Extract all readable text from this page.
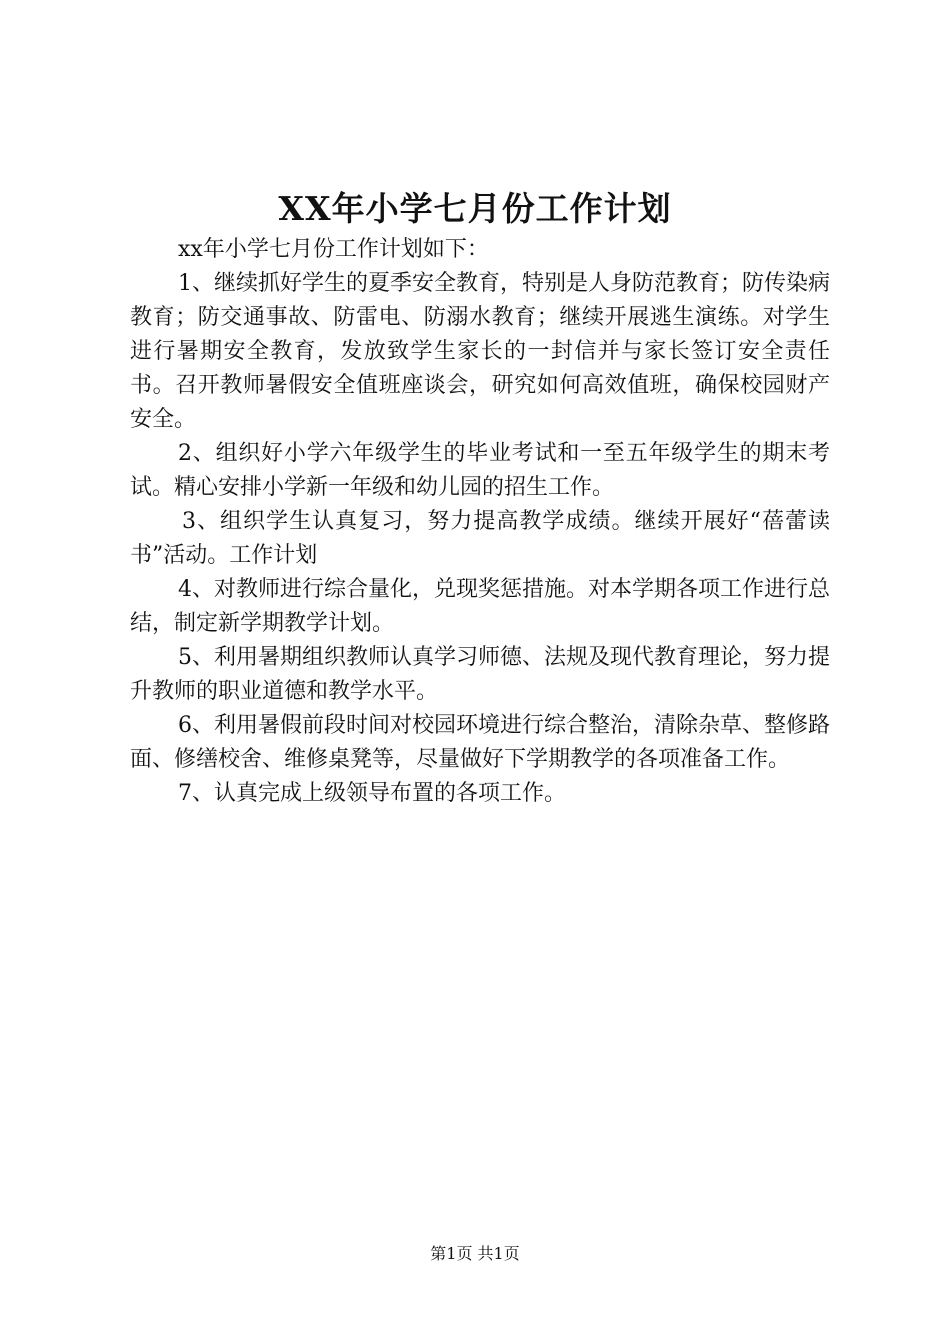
XX年小学七月份工作计划

xx年小学七月份工作计划如下：

1、继续抓好学生的夏季安全教育，特别是人身防范教育；防传染病教育；防交通事故、防雷电、防溺水教育；继续开展逃生演练。对学生进行暑期安全教育，发放致学生家长的一封信并与家长签订安全责任书。召开教师暑假安全值班座谈会，研究如何高效值班，确保校园财产安全。

2、组织好小学六年级学生的毕业考试和一至五年级学生的期末考试。精心安排小学新一年级和幼儿园的招生工作。

3、组织学生认真复习，努力提高教学成绩。继续开展好“蓓蕾读书”活动。工作计划

4、对教师进行综合量化，兑现奖惩措施。对本学期各项工作进行总结，制定新学期教学计划。

5、利用暑期组织教师认真学习师德、法规及现代教育理论，努力提升教师的职业道德和教学水平。

6、利用暑假前段时间对校园环境进行综合整治，清除杂草、整修路面、修缮校舍、维修桌凳等，尽量做好下学期教学的各项准备工作。

7、认真完成上级领导布置的各项工作。

第1页 共1页
